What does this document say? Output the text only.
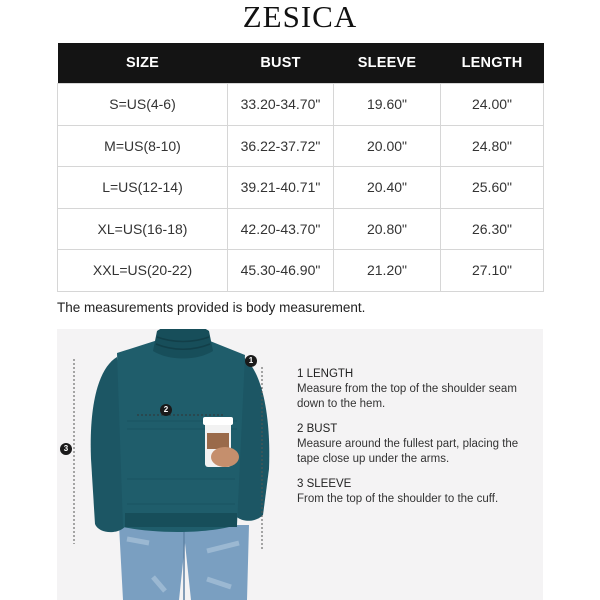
ZESICA
SIZE	BUST	SLEEVE	LENGTH
S=US(4-6)	33.20-34.70"	19.60"	24.00"
M=US(8-10)	36.22-37.72"	20.00"	24.80"
L=US(12-14)	39.21-40.71"	20.40"	25.60"
XL=US(16-18)	42.20-43.70"	20.80"	26.30"
XXL=US(20-22)	45.30-46.90"	21.20"	27.10"
The measurements provided is body measurement.
1
2
3
1 LENGTH
Measure from the top of the shoulder seam down to the hem.
2 BUST
Measure around the fullest part, placing the tape close up under the arms.
3 SLEEVE
From the top of the shoulder to the cuff.
